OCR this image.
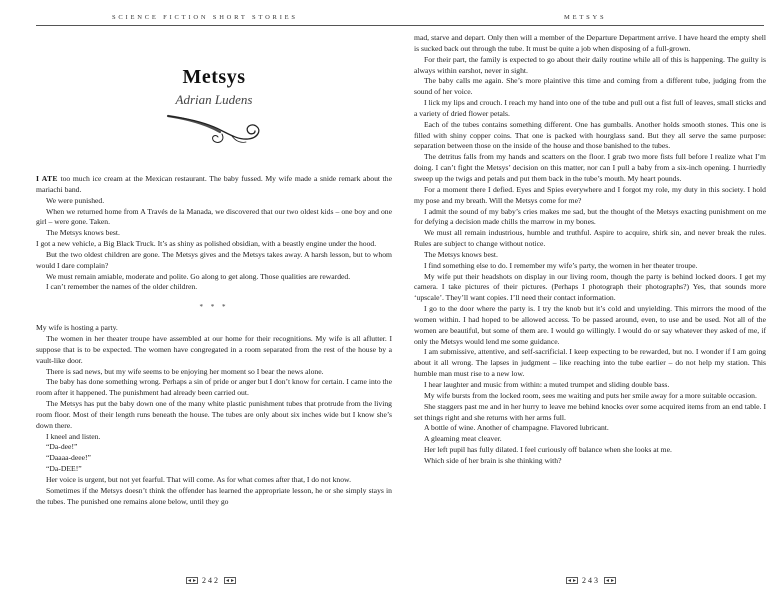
SCIENCE FICTION SHORT STORIES
Metsys
Adrian Ludens

I ATE too much ice cream at the Mexican restaurant. The baby fussed. My wife made a snide remark about the mariachi band.

We were punished.

When we returned home from A Través de la Manada, we discovered that our two oldest kids – one boy and one girl – were gone. Taken.

The Metsys knows best.

I got a new vehicle, a Big Black Truck. It’s as shiny as polished obsidian, with a beastly engine under the hood.

But the two oldest children are gone. The Metsys gives and the Metsys takes away. A harsh lesson, but to whom would I dare complain?

We must remain amiable, moderate and polite. Go along to get along. Those qualities are rewarded.

I can’t remember the names of the older children.

* * *

My wife is hosting a party.

The women in her theater troupe have assembled at our home for their recognitions. My wife is all aflutter. I suppose that is to be expected. The women have congregated in a room separated from the rest of the house by a vault-like door.

There is sad news, but my wife seems to be enjoying her moment so I bear the news alone.

The baby has done something wrong. Perhaps a sin of pride or anger but I don’t know for certain. I came into the room after it happened. The punishment had already been carried out.

The Metsys has put the baby down one of the many white plastic punishment tubes that protrude from the living room floor. Most of their length runs beneath the house. The tubes are only about six inches wide but I know she’s down there.

I kneel and listen.

“Da-dee!”

“Daaaa-deee!”

“Da-DEE!”

Her voice is urgent, but not yet fearful. That will come. As for what comes after that, I do not know.

Sometimes if the Metsys doesn’t think the offender has learned the appropriate lesson, he or she simply stays in the tubes. The punished one remains alone below, until they go

242
METSYS

mad, starve and depart. Only then will a member of the Departure Department arrive. I have heard the empty shell is sucked back out through the tube. It must be quite a job when disposing of a full-grown.

For their part, the family is expected to go about their daily routine while all of this is happening. The guilty is always within earshot, never in sight.

The baby calls me again. She’s more plaintive this time and coming from a different tube, judging from the sound of her voice.

I lick my lips and crouch. I reach my hand into one of the tube and pull out a fist full of leaves, small sticks and a variety of dried flower petals.

Each of the tubes contains something different. One has gumballs. Another holds smooth stones. This one is filled with shiny copper coins. That one is packed with hourglass sand. But they all serve the same purpose: separation between those on the inside of the house and those banished to the tubes.

The detritus falls from my hands and scatters on the floor. I grab two more fists full before I realize what I’m doing. I can’t fight the Metsys’ decision on this matter, nor can I pull a baby from a six-inch opening. I hurriedly sweep up the twigs and petals and put them back in the tube’s mouth. My heart pounds.

For a moment there I defied. Eyes and Spies everywhere and I forgot my role, my duty in this society. I hold my pose and my breath. Will the Metsys come for me?

I admit the sound of my baby’s cries makes me sad, but the thought of the Metsys exacting punishment on me for defying a decision made chills the marrow in my bones.

We must all remain industrious, humble and truthful. Aspire to acquire, shirk sin, and never break the rules. Rules are subject to change without notice.

The Metsys knows best.

I find something else to do. I remember my wife’s party, the women in her theater troupe.

My wife put their headshots on display in our living room, though the party is behind locked doors. I get my camera. I take pictures of their pictures. (Perhaps I photograph their photographs?) Yes, that sounds more ‘upscale’. They’ll want copies. I’ll need their contact information.

I go to the door where the party is. I try the knob but it’s cold and unyielding. This mirrors the mood of the women within. I had hoped to be allowed access. To be passed around, even, to use and be used. Not all of the women are beautiful, but some of them are. I would go willingly. I would do or say whatever they asked of me, if only the Metsys would lend me some guidance.

I am submissive, attentive, and self-sacrificial. I keep expecting to be rewarded, but no. I wonder if I am going about it all wrong. The lapses in judgment – like reaching into the tube earlier – do not help my station. This humble man must rise to a new low.

I hear laughter and music from within: a muted trumpet and sliding double bass.

My wife bursts from the locked room, sees me waiting and puts her smile away for a more suitable occasion.

She staggers past me and in her hurry to leave me behind knocks over some acquired items from an end table. I set things right and she returns with her arms full.

A bottle of wine. Another of champagne. Flavored lubricant.

A gleaming meat cleaver.

Her left pupil has fully dilated. I feel curiously off balance when she looks at me.

Which side of her brain is she thinking with?

243
